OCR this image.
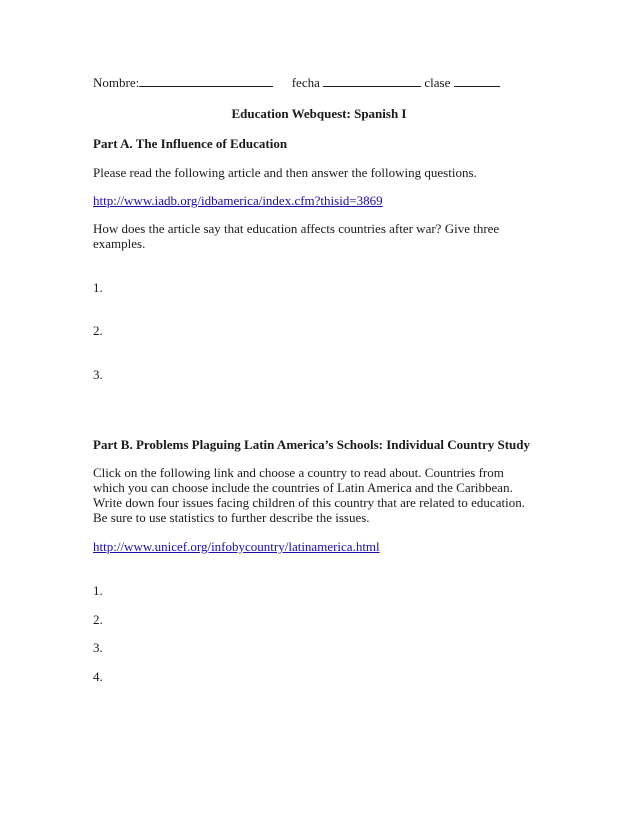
Nombre:	fecha	clase
Education Webquest: Spanish I
Part A. The Influence of Education
Please read the following article and then answer the following questions.
http://www.iadb.org/idbamerica/index.cfm?thisid=3869
How does the article say that education affects countries after war? Give three
examples.
1.
2.
3.
Part B. Problems Plaguing Latin America’s Schools: Individual Country Study
Click on the following link and choose a country to read about. Countries from
which you can choose include the countries of Latin America and the Caribbean.
Write down four issues facing children of this country that are related to education.
Be sure to use statistics to further describe the issues.
http://www.unicef.org/infobycountry/latinamerica.html
1.
2.
3.
4.
